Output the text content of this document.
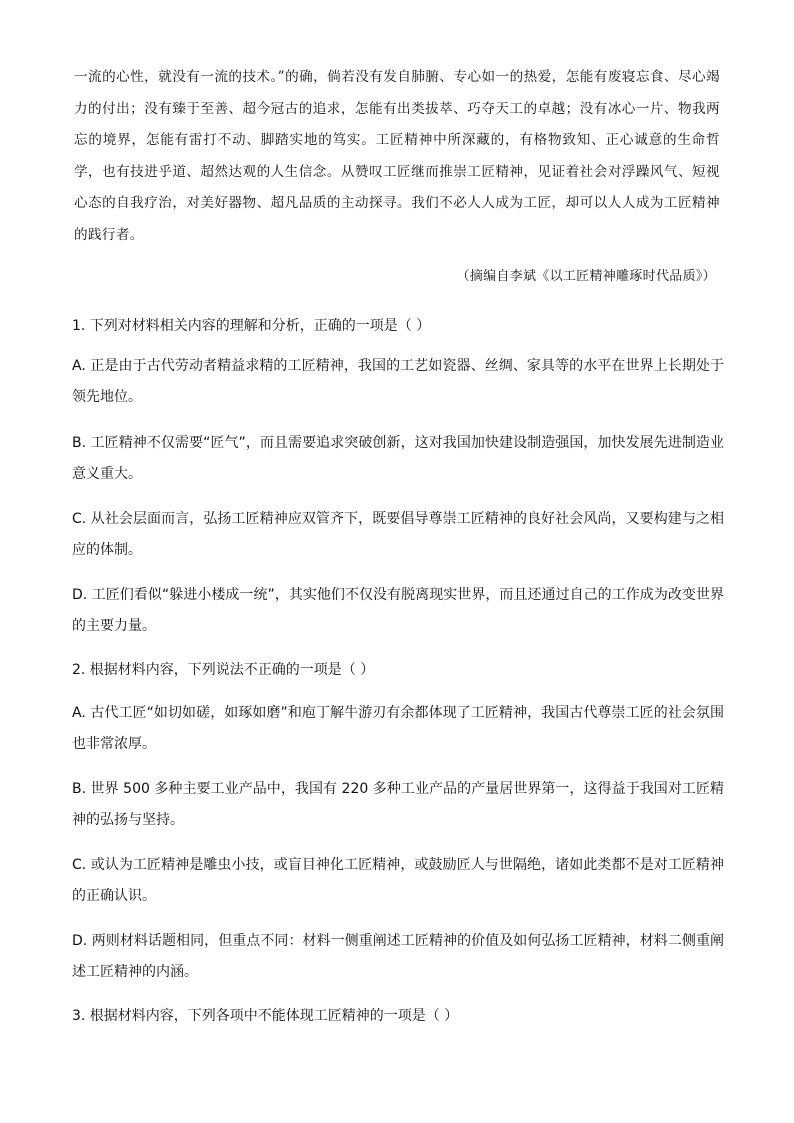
一流的心性，就没有一流的技术。”的确，倘若没有发自肺腑、专心如一的热爱，怎能有废寝忘食、尽心竭力的付出；没有臻于至善、超今冠古的追求，怎能有出类拔萃、巧夺天工的卓越；没有冰心一片、物我两忘的境界，怎能有雷打不动、脚踏实地的笃实。工匠精神中所深藏的，有格物致知、正心诚意的生命哲学，也有技进乎道、超然达观的人生信念。从赞叹工匠继而推崇工匠精神，见证着社会对浮躁风气、短视心态的自我疗治，对美好器物、超凡品质的主动探寻。我们不必人人成为工匠，却可以人人成为工匠精神的践行者。
（摘编自李斌《以工匠精神雕琢时代品质》）
1. 下列对材料相关内容的理解和分析，正确的一项是（ ）
A. 正是由于古代劳动者精益求精的工匠精神，我国的工艺如瓷器、丝绸、家具等的水平在世界上长期处于领先地位。
B. 工匠精神不仅需要“匠气”，而且需要追求突破创新，这对我国加快建设制造强国，加快发展先进制造业意义重大。
C. 从社会层面而言，弘扬工匠精神应双管齐下，既要倡导尊崇工匠精神的良好社会风尚，又要构建与之相应的体制。
D. 工匠们看似“躲进小楼成一统”，其实他们不仅没有脱离现实世界，而且还通过自己的工作成为改变世界的主要力量。
2. 根据材料内容，下列说法不正确的一项是（ ）
A. 古代工匠“如切如磋，如琢如磨”和庖丁解牛游刃有余都体现了工匠精神，我国古代尊崇工匠的社会氛围也非常浓厚。
B. 世界 500 多种主要工业产品中，我国有 220 多种工业产品的产量居世界第一，这得益于我国对工匠精神的弘扬与坚持。
C. 或认为工匠精神是雕虫小技，或盲目神化工匠精神，或鼓励匠人与世隔绝，诸如此类都不是对工匠精神的正确认识。
D. 两则材料话题相同，但重点不同：材料一侧重阐述工匠精神的价值及如何弘扬工匠精神，材料二侧重阐述工匠精神的内涵。
3. 根据材料内容，下列各项中不能体现工匠精神的一项是（ ）
